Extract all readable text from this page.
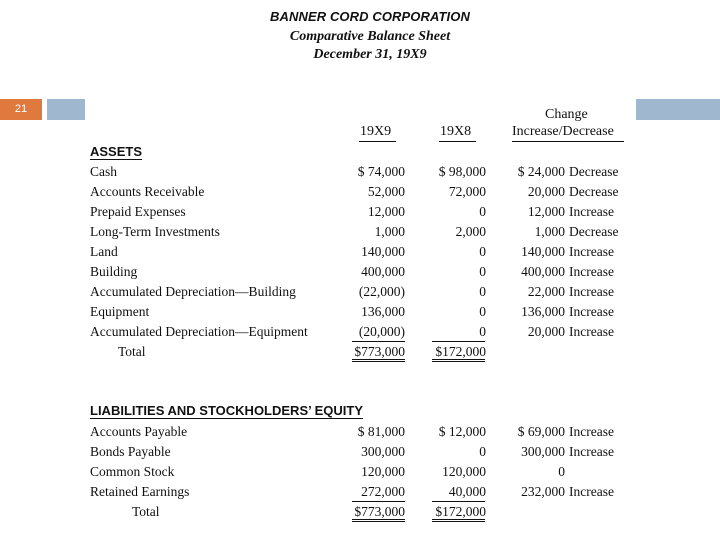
BANNER CORD CORPORATION
Comparative Balance Sheet
December 31, 19X9
21
19X9	19X8
Change
Increase/Decrease
ASSETS
Cash	$ 74,000	$ 98,000	$ 24,000 Decrease
Accounts Receivable	52,000	72,000	20,000 Decrease
Prepaid Expenses	12,000	0	12,000 Increase
Long-Term Investments	1,000	2,000	1,000 Decrease
Land	140,000	0	140,000 Increase
Building	400,000	0	400,000 Increase
Accumulated Depreciation—Building	(22,000)	0	22,000 Increase
Equipment	136,000	0	136,000 Increase
Accumulated Depreciation—Equipment	(20,000)	0	20,000 Increase
Total	$773,000 $172,000
LIABILITIES AND STOCKHOLDERS’ EQUITY
Accounts Payable	$ 81,000	$ 12,000	$ 69,000 Increase
Bonds Payable	300,000	0	300,000 Increase
Common Stock	120,000	120,000	0
Retained Earnings	272,000	40,000	232,000 Increase
Total	$773,000 $172,000
